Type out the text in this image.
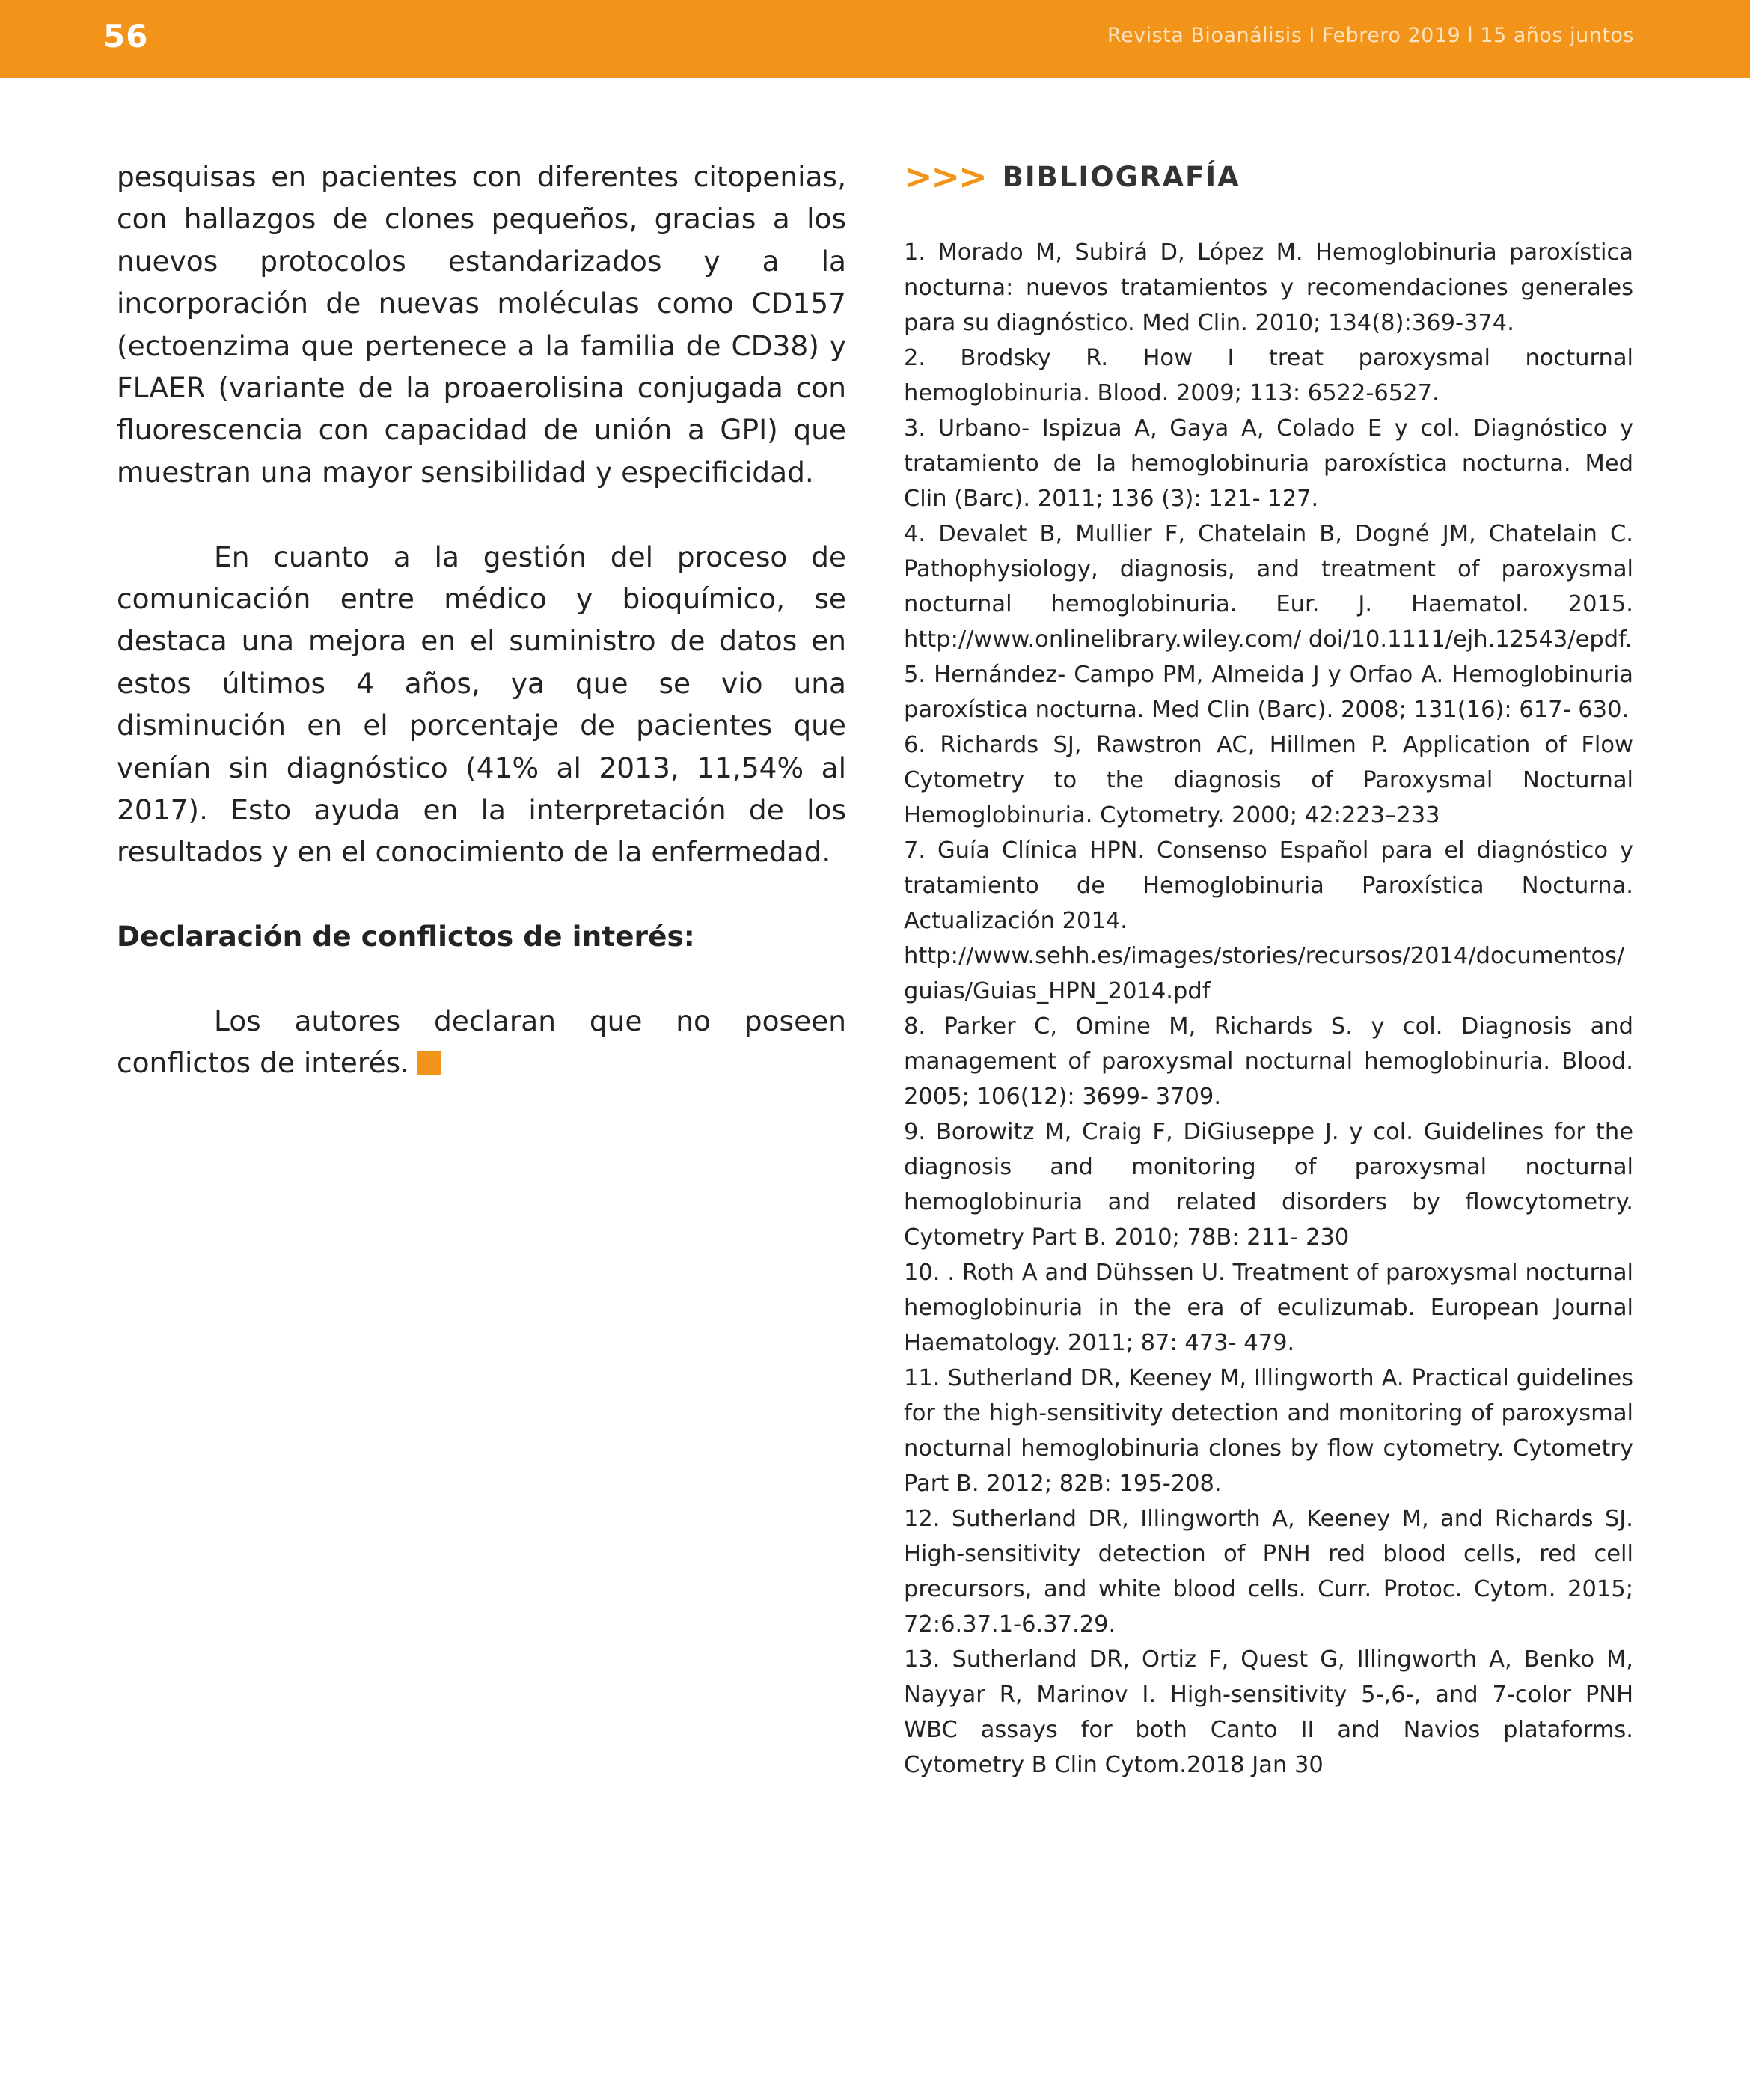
56	Revista Bioanálisis I Febrero 2019 l 15 años juntos

pesquisas en pacientes con diferentes citopenias, con hallazgos de clones pequeños, gracias a los nuevos protocolos estandarizados y a la incorporación de nuevas moléculas como CD157 (ectoenzima que pertenece a la familia de CD38) y FLAER (variante de la proaerolisina conjugada con fluorescencia con capacidad de unión a GPI) que muestran una mayor sensibilidad y especificidad.

En cuanto a la gestión del proceso de comunicación entre médico y bioquímico, se destaca una mejora en el suministro de datos en estos últimos 4 años, ya que se vio una disminución en el porcentaje de pacientes que venían sin diagnóstico (41% al 2013, 11,54% al 2017). Esto ayuda en la interpretación de los resultados y en el conocimiento de la enfermedad.

Declaración de conflictos de interés:

Los autores declaran que no poseen conflictos de interés.

>>> BIBLIOGRAFÍA

1. Morado M, Subirá D, López M. Hemoglobinuria paroxística nocturna: nuevos tratamientos y recomendaciones generales para su diagnóstico. Med Clin. 2010; 134(8):369-374.

2. Brodsky R. How I treat paroxysmal nocturnal hemoglobinuria. Blood. 2009; 113: 6522-6527.

3. Urbano- Ispizua A, Gaya A, Colado E y col. Diagnóstico y tratamiento de la hemoglobinuria paroxística nocturna. Med Clin (Barc). 2011; 136 (3): 121- 127.

4. Devalet B, Mullier F, Chatelain B, Dogné JM, Chatelain C. Pathophysiology, diagnosis, and treatment of paroxysmal nocturnal hemoglobinuria. Eur. J. Haematol. 2015. http://www.onlinelibrary.wiley.com/ doi/10.1111/ejh.12543/epdf.

5. Hernández- Campo PM, Almeida J y Orfao A. Hemoglobinuria paroxística nocturna. Med Clin (Barc). 2008; 131(16): 617- 630.

6. Richards SJ, Rawstron AC, Hillmen P. Application of Flow Cytometry to the diagnosis of Paroxysmal Nocturnal Hemoglobinuria. Cytometry. 2000; 42:223–233

7. Guía Clínica HPN. Consenso Español para el diagnóstico y tratamiento de Hemoglobinuria Paroxística Nocturna. Actualización 2014.

http://www.sehh.es/images/stories/recursos/2014/documentos/guias/Guias_HPN_2014.pdf

8. Parker C, Omine M, Richards S. y col. Diagnosis and management of paroxysmal nocturnal hemoglobinuria. Blood. 2005; 106(12): 3699- 3709.

9. Borowitz M, Craig F, DiGiuseppe J. y col. Guidelines for the diagnosis and monitoring of paroxysmal nocturnal hemoglobinuria and related disorders by flowcytometry. Cytometry Part B. 2010; 78B: 211- 230

10. . Roth A and Dühssen U. Treatment of paroxysmal nocturnal hemoglobinuria in the era of eculizumab. European Journal Haematology. 2011; 87: 473- 479.

11. Sutherland DR, Keeney M, Illingworth A. Practical guidelines for the high-sensitivity detection and monitoring of paroxysmal nocturnal hemoglobinuria clones by flow cytometry. Cytometry Part B. 2012; 82B: 195-208.

12. Sutherland DR, Illingworth A, Keeney M, and Richards SJ. High-sensitivity detection of PNH red blood cells, red cell precursors, and white blood cells. Curr. Protoc. Cytom. 2015; 72:6.37.1-6.37.29.

13. Sutherland DR, Ortiz F, Quest G, Illingworth A, Benko M, Nayyar R, Marinov I. High-sensitivity 5-,6-, and 7-color PNH WBC assays for both Canto II and Navios plataforms. Cytometry B Clin Cytom.2018 Jan 30
